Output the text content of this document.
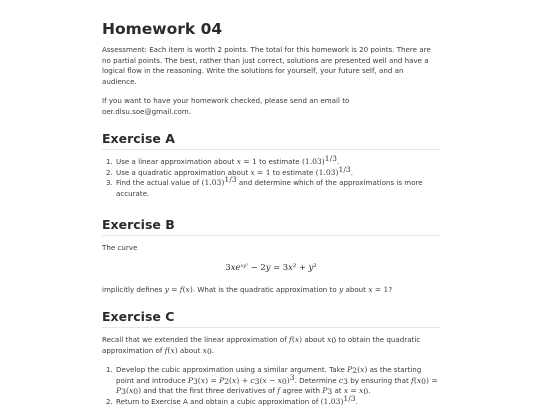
Homework 04

Assessment: Each item is worth 2 points. The total for this homework is 20 points. There are no partial points. The best, rather than just correct, solutions are presented well and have a logical flow in the reasoning. Write the solutions for yourself, your future self, and an audience.

If you want to have your homework checked, please send an email to oer.dlsu.soe@gmail.com.

Exercise A
1. Use a linear approximation about x = 1 to estimate $(1.03)^{1/3}$.
2. Use a quadratic approximation about x = 1 to estimate $(1.03)^{1/3}$.
3. Find the actual value of $(1.03)^{1/3}$ and determine which of the approximations is more accurate.
Exercise B

The curve

$3xe^{xy^2} - 2y = 3x^2 + y^2$

implicitly defines y = f(x). What is the quadratic approximation to y about x = 1?

Exercise C

Recall that we extended the linear approximation of f(x) about $x_0$ to obtain the quadratic approximation of f(x) about $x_0$.

1. Develop the cubic approximation using a similar argument. Take $P_2(x)$ as the starting point and introduce $P_3(x) = P_2(x) + c_3(x - x_0)^3$. Determine $c_3$ by ensuring that $f(x_0) = P_3(x_0)$ and that the first three derivatives of f agree with $P_3$ at $x = x_0$.
2. Return to Exercise A and obtain a cubic approximation of $(1.03)^{1/3}$.
